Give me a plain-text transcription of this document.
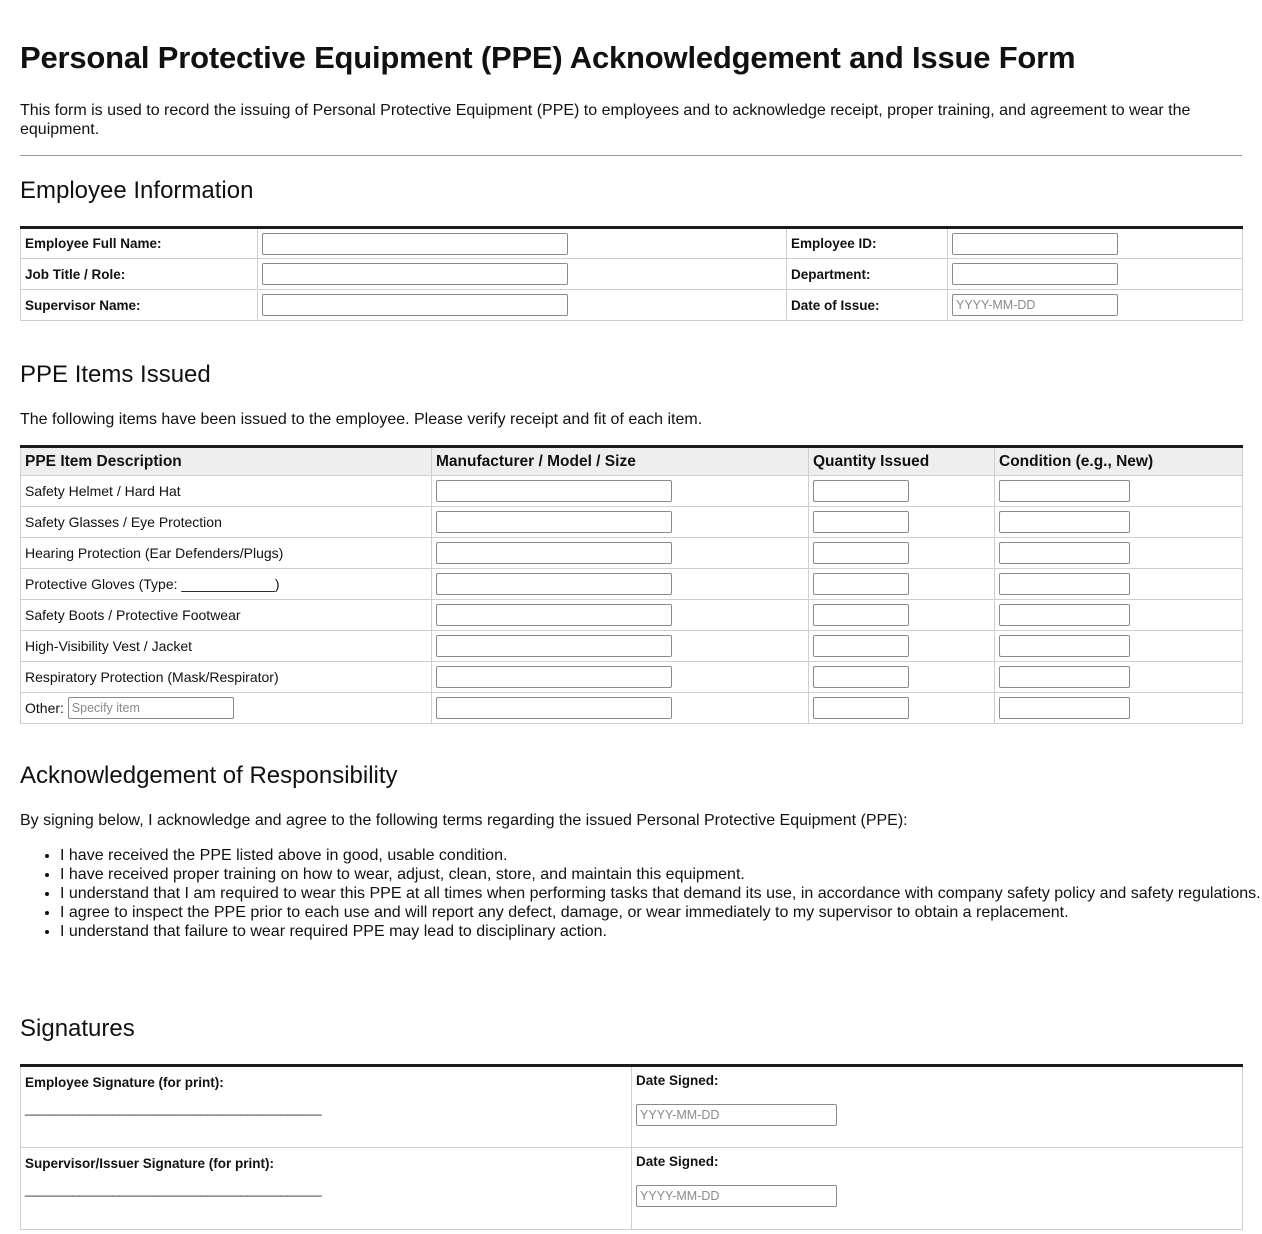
Personal Protective Equipment (PPE) Acknowledgement and Issue Form

This form is used to record the issuing of Personal Protective Equipment (PPE) to employees and to acknowledge receipt, proper training, and agreement to wear the equipment.

Employee Information
Employee Full Name:		Employee ID:	

Job Title / Role:		Department:	

Supervisor Name:		Date of Issue:	
YYYY-MM-DD
PPE Items Issued

The following items have been issued to the employee. Please verify receipt and fit of each item.

PPE Item Description	Manufacturer / Model / Size	Quantity Issued	Condition (e.g., New)
Safety Helmet / Hard Hat	

Safety Glasses / Eye Protection	

Hearing Protection (Ear Defenders/Plugs)	

Protective Gloves (Type: ____________)	

Safety Boots / Protective Footwear	

High-Visibility Vest / Jacket	

Respiratory Protection (Mask/Respirator)	

Other: Specify item	

Acknowledgement of Responsibility

By signing below, I acknowledge and agree to the following terms regarding the issued Personal Protective Equipment (PPE):

• I have received the PPE listed above in good, usable condition.
• I have received proper training on how to wear, adjust, clean, store, and maintain this equipment.
• I understand that I am required to wear this PPE at all times when performing tasks that demand its use, in accordance with company safety policy and safety regulations.
• I agree to inspect the PPE prior to each use and will report any defect, damage, or wear immediately to my supervisor to obtain a replacement.
• I understand that failure to wear required PPE may lead to disciplinary action.
Signatures
Employee Signature (for print):
____________________________________________	Date Signed:
YYYY-MM-DD

Supervisor/Issuer Signature (for print):
____________________________________________	Date Signed:
YYYY-MM-DD
